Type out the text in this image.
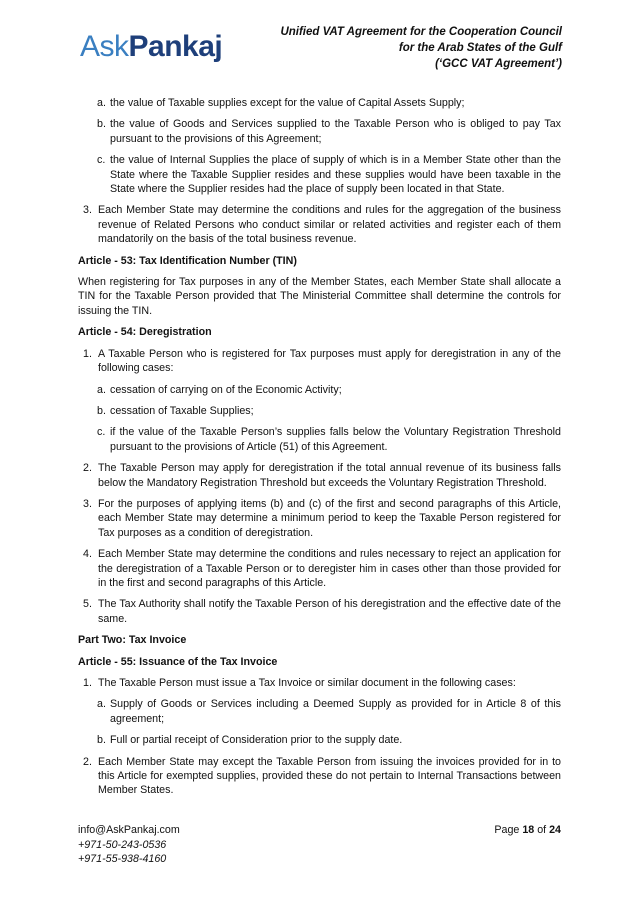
AskPankaj	Unified VAT Agreement for the Cooperation Council
for the Arab States of the Gulf
(‘GCC VAT Agreement’)
a. the value of Taxable supplies except for the value of Capital Assets Supply;
b. the value of Goods and Services supplied to the Taxable Person who is obliged to pay Tax pursuant to the provisions of this Agreement;
c. the value of Internal Supplies the place of supply of which is in a Member State other than the State where the Taxable Supplier resides and these supplies would have been taxable in the State where the Supplier resides had the place of supply been located in that State.
3. Each Member State may determine the conditions and rules for the aggregation of the business revenue of Related Persons who conduct similar or related activities and register each of them mandatorily on the basis of the total business revenue.

Article - 53: Tax Identification Number (TIN)

When registering for Tax purposes in any of the Member States, each Member State shall allocate a TIN for the Taxable Person provided that The Ministerial Committee shall determine the controls for issuing the TIN.

Article - 54: Deregistration

1. A Taxable Person who is registered for Tax purposes must apply for deregistration in any of the following cases:
a. cessation of carrying on of the Economic Activity;
b. cessation of Taxable Supplies;
c. if the value of the Taxable Person’s supplies falls below the Voluntary Registration Threshold pursuant to the provisions of Article (51) of this Agreement.
2. The Taxable Person may apply for deregistration if the total annual revenue of its business falls below the Mandatory Registration Threshold but exceeds the Voluntary Registration Threshold.
3. For the purposes of applying items (b) and (c) of the first and second paragraphs of this Article, each Member State may determine a minimum period to keep the Taxable Person registered for Tax purposes as a condition of deregistration.
4. Each Member State may determine the conditions and rules necessary to reject an application for the deregistration of a Taxable Person or to deregister him in cases other than those provided for in the first and second paragraphs of this Article.
5. The Tax Authority shall notify the Taxable Person of his deregistration and the effective date of the same.

Part Two: Tax Invoice

Article - 55: Issuance of the Tax Invoice

1. The Taxable Person must issue a Tax Invoice or similar document in the following cases:
a. Supply of Goods or Services including a Deemed Supply as provided for in Article 8 of this agreement;
b. Full or partial receipt of Consideration prior to the supply date.
2. Each Member State may except the Taxable Person from issuing the invoices provided for in to this Article for exempted supplies, provided these do not pertain to Internal Transactions between Member States.
info@AskPankaj.com
+971-50-243-0536
+971-55-938-4160
Page 18 of 24
